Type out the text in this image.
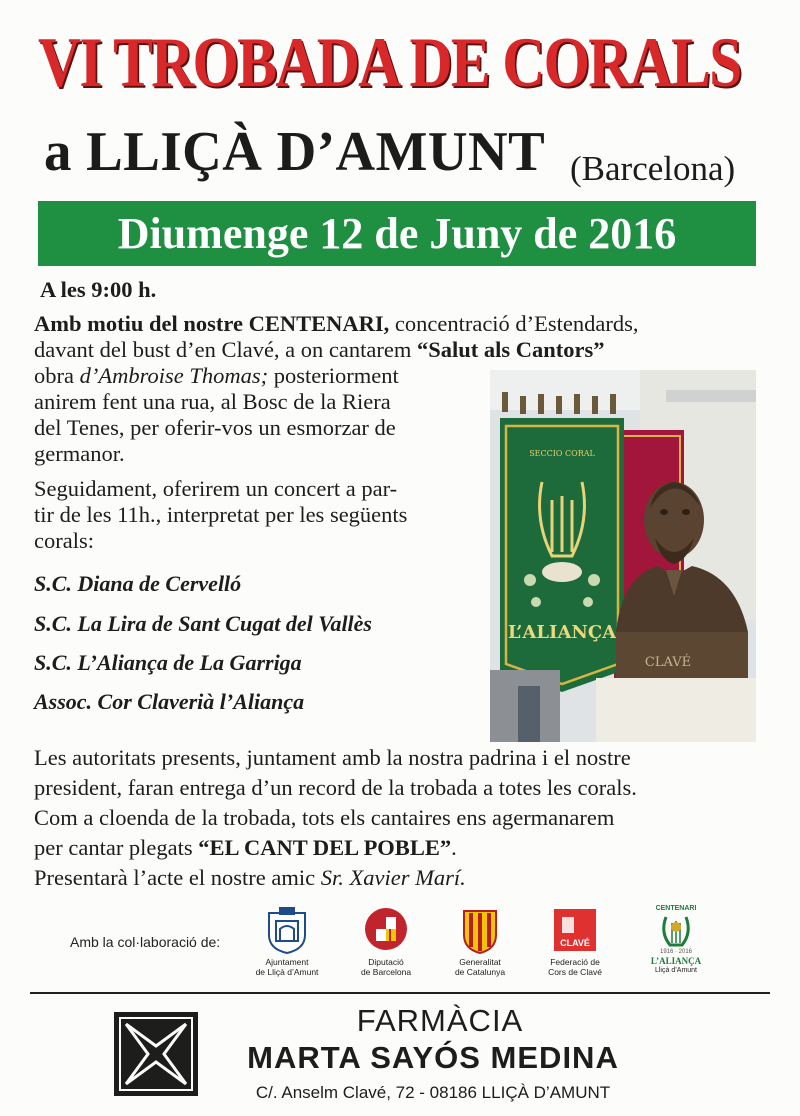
VI TROBADA DE CORALS
a LLIÇÀ D’AMUNT (Barcelona)
Diumenge 12 de Juny de 2016
A les 9:00 h.
Amb motiu del nostre CENTENARI, concentració d’Estendards,
davant del bust d’en Clavé, a on cantarem “Salut als Cantors”
obra d’Ambroise Thomas; posteriorment
anirem fent una rua, al Bosc de la Riera
del Tenes, per oferir-vos un esmorzar de
germanor.
Seguidament, oferirem un concert a par-
tir de les 11h., interpretat per les següents
corals:
S.C. Diana de Cervelló
S.C. La Lira de Sant Cugat del Vallès
S.C. L’Aliança de La Garriga
Assoc. Cor Claverià l’Aliança
SECCIO CORAL
L’ALIANÇA
CLAVÉ
Les autoritats presents, juntament amb la nostra padrina i el nostre
president, faran entrega d’un record de la trobada a totes les corals.
Com a cloenda de la trobada, tots els cantaires ens agermanarem
per cantar plegats “EL CANT DEL POBLE”.
Presentarà l’acte el nostre amic Sr. Xavier Marí.
Amb la col·laboració de:
Ajuntament
de Lliçà d’Amunt
Diputació
de Barcelona
Generalitat
de Catalunya
CLAVÉ
Federació de
Cors de Clavé
CENTENARI
1916 · 2016
L’ALIANÇA
Lliçà d’Amunt
FARMÀCIA
MARTA SAYÓS MEDINA
C/. Anselm Clavé, 72 - 08186 LLIÇÀ D’AMUNT
